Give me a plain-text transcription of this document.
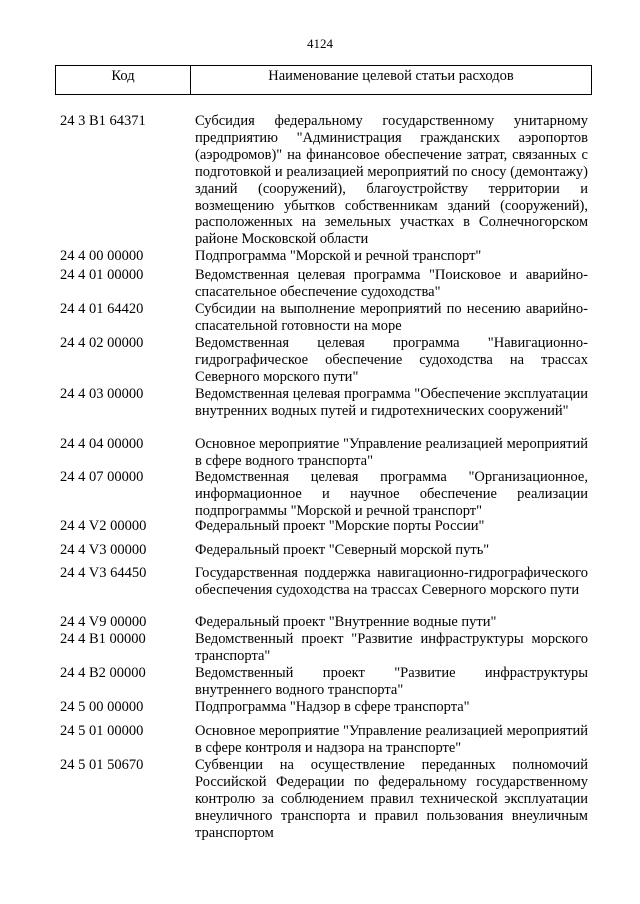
4124
Код	Наименование целевой статьи расходов
24 3 В1 64371	Субсидия федеральному государственному унитарному предприятию "Администрация гражданских аэропортов (аэродромов)" на финансовое обеспечение затрат, связанных с подготовкой и реализацией мероприятий по сносу (демонтажу) зданий (сооружений), благоустройству территории и возмещению убытков собственникам зданий (сооружений), расположенных на земельных участках в Солнечногорском районе Московской области
24 4 00 00000	Подпрограмма "Морской и речной транспорт"
24 4 01 00000	Ведомственная целевая программа "Поисковое и аварийно-спасательное обеспечение судоходства"
24 4 01 64420	Субсидии на выполнение мероприятий по несению аварийно-спасательной готовности на море
24 4 02 00000	Ведомственная целевая программа "Навигационно-гидрографическое обеспечение судоходства на трассах Северного морского пути"
24 4 03 00000	Ведомственная целевая программа "Обеспечение эксплуатации внутренних водных путей и гидротехнических сооружений"
24 4 04 00000	Основное мероприятие "Управление реализацией мероприятий в сфере водного транспорта"
24 4 07 00000	Ведомственная целевая программа "Организационное, информационное и научное обеспечение реализации подпрограммы "Морской и речной транспорт"
24 4 V2 00000	Федеральный проект "Морские порты России"
24 4 V3 00000	Федеральный проект "Северный морской путь"
24 4 V3 64450	Государственная поддержка навигационно-гидрографического обеспечения судоходства на трассах Северного морского пути
24 4 V9 00000	Федеральный проект "Внутренние водные пути"
24 4 В1 00000	Ведомственный проект "Развитие инфраструктуры морского транспорта"
24 4 В2 00000	Ведомственный проект "Развитие инфраструктуры внутреннего водного транспорта"
24 5 00 00000	Подпрограмма "Надзор в сфере транспорта"
24 5 01 00000	Основное мероприятие "Управление реализацией мероприятий в сфере контроля и надзора на транспорте"
24 5 01 50670	Субвенции на осуществление переданных полномочий Российской Федерации по федеральному государственному контролю за соблюдением правил технической эксплуатации внеуличного транспорта и правил пользования внеуличным транспортом
